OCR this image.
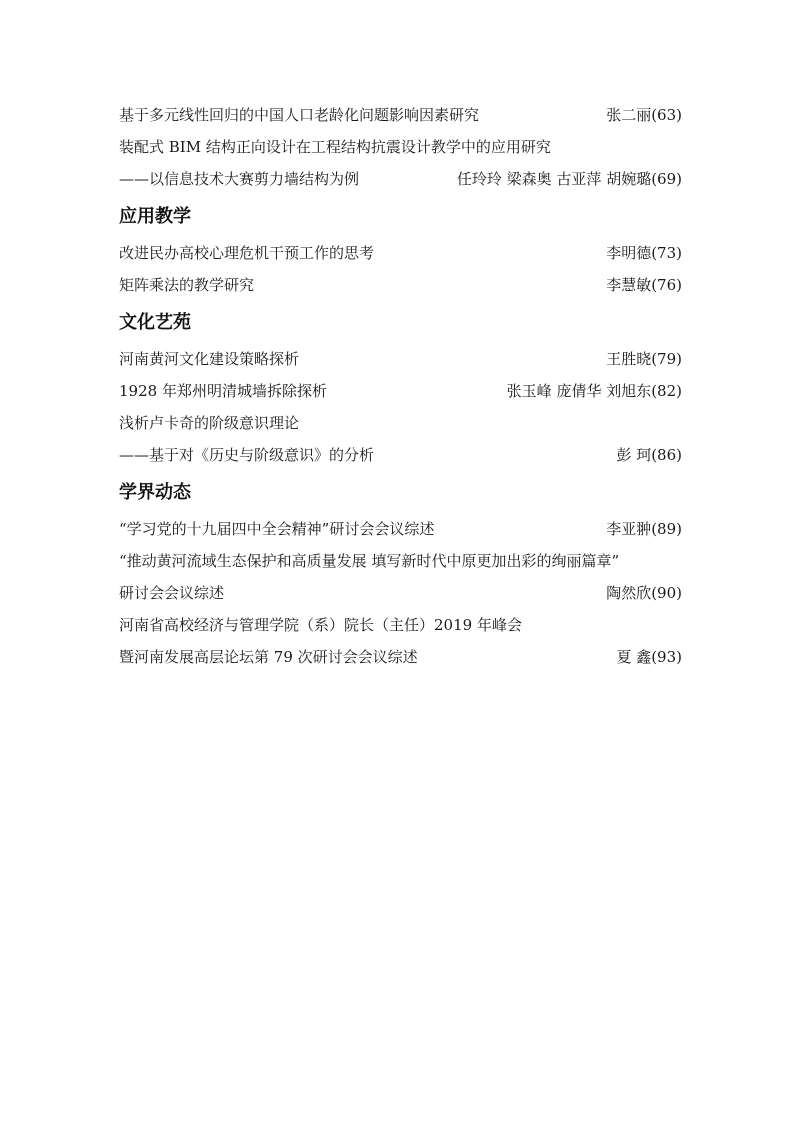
基于多元线性回归的中国人口老龄化问题影响因素研究	张二丽(63)
装配式 BIM 结构正向设计在工程结构抗震设计教学中的应用研究
——以信息技术大赛剪力墙结构为例	任玲玲 梁森奥 古亚萍 胡婉璐(69)
应用教学
改进民办高校心理危机干预工作的思考	李明德(73)
矩阵乘法的教学研究	李慧敏(76)
文化艺苑
河南黄河文化建设策略探析	王胜晓(79)
1928 年郑州明清城墙拆除探析	张玉峰 庞倩华 刘旭东(82)
浅析卢卡奇的阶级意识理论
——基于对《历史与阶级意识》的分析	彭 珂(86)
学界动态
“学习党的十九届四中全会精神”研讨会会议综述	李亚翀(89)
“推动黄河流域生态保护和高质量发展 填写新时代中原更加出彩的绚丽篇章”
研讨会会议综述	陶然欣(90)
河南省高校经济与管理学院（系）院长（主任）2019 年峰会
暨河南发展高层论坛第 79 次研讨会会议综述	夏 鑫(93)
